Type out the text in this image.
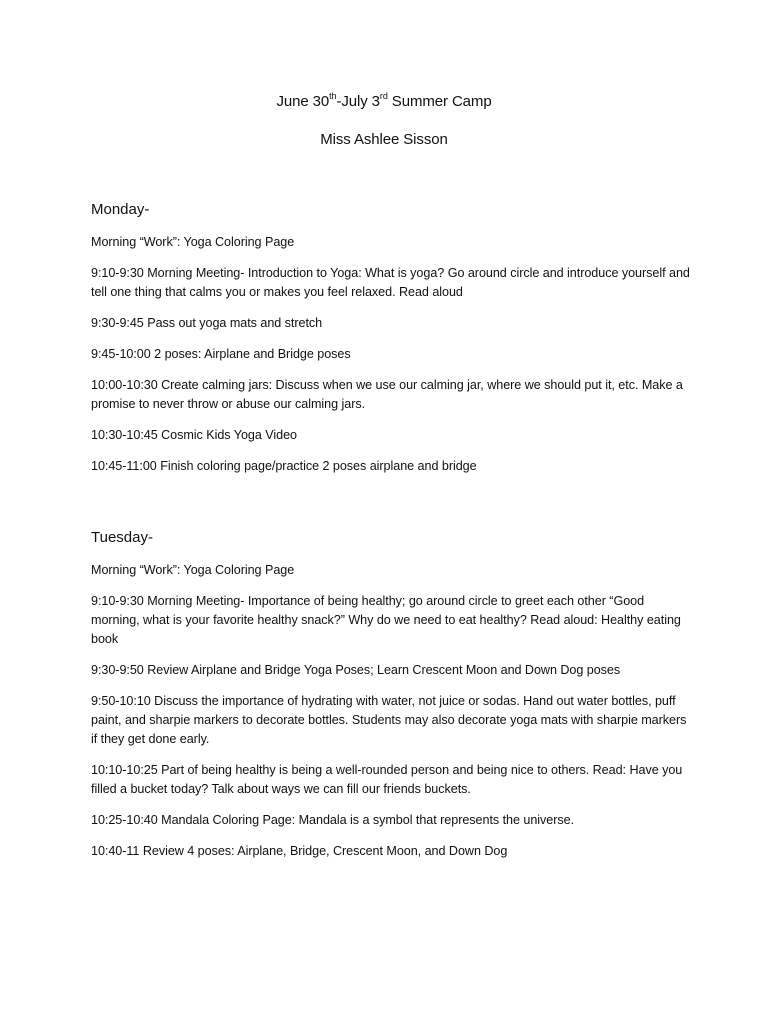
June 30th-July 3rd Summer Camp
Miss Ashlee Sisson
Monday-

Morning “Work”: Yoga Coloring Page

9:10-9:30 Morning Meeting- Introduction to Yoga: What is yoga? Go around circle and introduce yourself and tell one thing that calms you or makes you feel relaxed. Read aloud

9:30-9:45 Pass out yoga mats and stretch

9:45-10:00 2 poses: Airplane and Bridge poses

10:00-10:30 Create calming jars: Discuss when we use our calming jar, where we should put it, etc. Make a promise to never throw or abuse our calming jars.

10:30-10:45 Cosmic Kids Yoga Video

10:45-11:00 Finish coloring page/practice 2 poses airplane and bridge

Tuesday-

Morning “Work”: Yoga Coloring Page

9:10-9:30 Morning Meeting- Importance of being healthy; go around circle to greet each other “Good morning, what is your favorite healthy snack?” Why do we need to eat healthy? Read aloud: Healthy eating book

9:30-9:50 Review Airplane and Bridge Yoga Poses; Learn Crescent Moon and Down Dog poses

9:50-10:10 Discuss the importance of hydrating with water, not juice or sodas. Hand out water bottles, puff paint, and sharpie markers to decorate bottles. Students may also decorate yoga mats with sharpie markers if they get done early.

10:10-10:25 Part of being healthy is being a well-rounded person and being nice to others. Read: Have you filled a bucket today? Talk about ways we can fill our friends buckets.

10:25-10:40 Mandala Coloring Page: Mandala is a symbol that represents the universe.

10:40-11 Review 4 poses: Airplane, Bridge, Crescent Moon, and Down Dog
